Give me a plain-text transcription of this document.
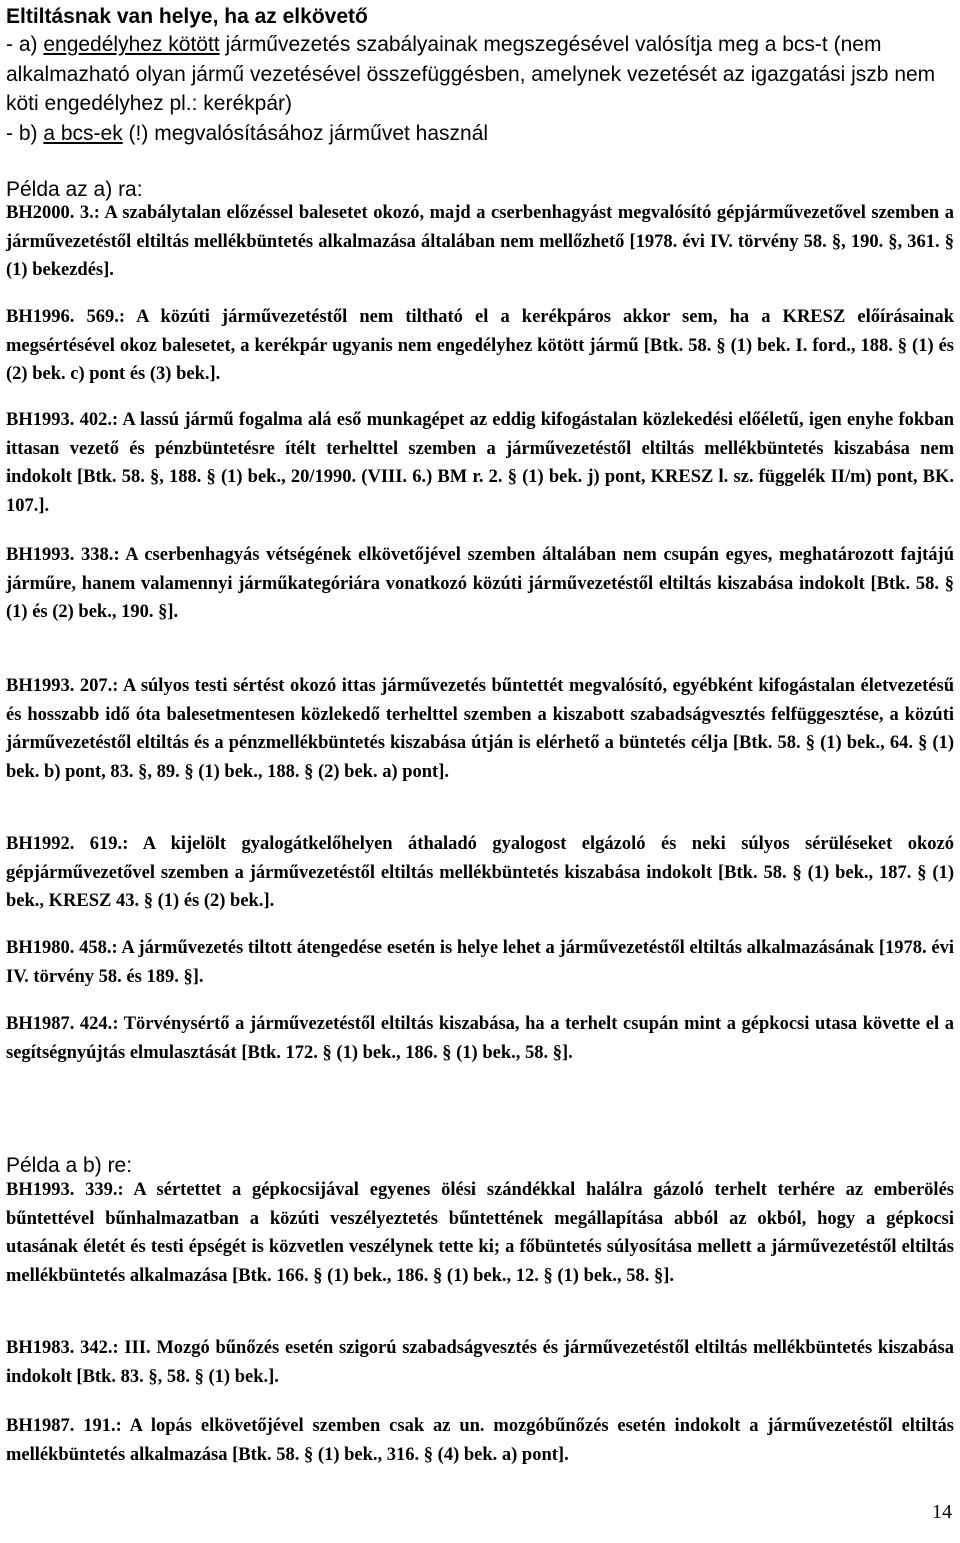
Eltiltásnak van helye, ha az elkövető

- a) engedélyhez kötött járművezetés szabályainak megszegésével valósítja meg a bcs-t (nem alkalmazható olyan jármű vezetésével összefüggésben, amelynek vezetését az igazgatási jszb nem köti engedélyhez pl.: kerékpár)

- b) a bcs-ek (!) megvalósításához járművet használ

Példa az a) ra:

BH2000. 3.: A szabálytalan előzéssel balesetet okozó, majd a cserbenhagyást megvalósító gépjárművezetővel szemben a járművezetéstől eltiltás mellékbüntetés alkalmazása általában nem mellőzhető [1978. évi IV. törvény 58. §, 190. §, 361. § (1) bekezdés].

BH1996. 569.: A közúti járművezetéstől nem tiltható el a kerékpáros akkor sem, ha a KRESZ előírásainak megsértésével okoz balesetet, a kerékpár ugyanis nem engedélyhez kötött jármű [Btk. 58. § (1) bek. I. ford., 188. § (1) és (2) bek. c) pont és (3) bek.].

BH1993. 402.: A lassú jármű fogalma alá eső munkagépet az eddig kifogástalan közlekedési előéletű, igen enyhe fokban ittasan vezető és pénzbüntetésre ítélt terhelttel szemben a járművezetéstől eltiltás mellékbüntetés kiszabása nem indokolt [Btk. 58. §, 188. § (1) bek., 20/1990. (VIII. 6.) BM r. 2. § (1) bek. j) pont, KRESZ l. sz. függelék II/m) pont, BK. 107.].

BH1993. 338.: A cserbenhagyás vétségének elkövetőjével szemben általában nem csupán egyes, meghatározott fajtájú járműre, hanem valamennyi járműkategóriára vonatkozó közúti járművezetéstől eltiltás kiszabása indokolt [Btk. 58. § (1) és (2) bek., 190. §].

BH1993. 207.: A súlyos testi sértést okozó ittas járművezetés bűntettét megvalósító, egyébként kifogástalan életvezetésű és hosszabb idő óta balesetmentesen közlekedő terhelttel szemben a kiszabott szabadságvesztés felfüggesztése, a közúti járművezetéstől eltiltás és a pénzmellékbüntetés kiszabása útján is elérhető a büntetés célja [Btk. 58. § (1) bek., 64. § (1) bek. b) pont, 83. §, 89. § (1) bek., 188. § (2) bek. a) pont].

BH1992. 619.: A kijelölt gyalogátkelőhelyen áthaladó gyalogost elgázoló és neki súlyos sérüléseket okozó gépjárművezetővel szemben a járművezetéstől eltiltás mellékbüntetés kiszabása indokolt [Btk. 58. § (1) bek., 187. § (1) bek., KRESZ 43. § (1) és (2) bek.].

BH1980. 458.: A járművezetés tiltott átengedése esetén is helye lehet a járművezetéstől eltiltás alkalmazásának [1978. évi IV. törvény 58. és 189. §].

BH1987. 424.: Törvénysértő a járművezetéstől eltiltás kiszabása, ha a terhelt csupán mint a gépkocsi utasa követte el a segítségnyújtás elmulasztását [Btk. 172. § (1) bek., 186. § (1) bek., 58. §].

Példa a b) re:

BH1993. 339.: A sértettet a gépkocsijával egyenes ölési szándékkal halálra gázoló terhelt terhére az emberölés bűntettével bűnhalmazatban a közúti veszélyeztetés bűntettének megállapítása abból az okból, hogy a gépkocsi utasának életét és testi épségét is közvetlen veszélynek tette ki; a főbüntetés súlyosítása mellett a járművezetéstől eltiltás mellékbüntetés alkalmazása [Btk. 166. § (1) bek., 186. § (1) bek., 12. § (1) bek., 58. §].

BH1983. 342.: III. Mozgó bűnőzés esetén szigorú szabadságvesztés és járművezetéstől eltiltás mellékbüntetés kiszabása indokolt [Btk. 83. §, 58. § (1) bek.].

BH1987. 191.: A lopás elkövetőjével szemben csak az un. mozgóbűnőzés esetén indokolt a járművezetéstől eltiltás mellékbüntetés alkalmazása [Btk. 58. § (1) bek., 316. § (4) bek. a) pont].

14
